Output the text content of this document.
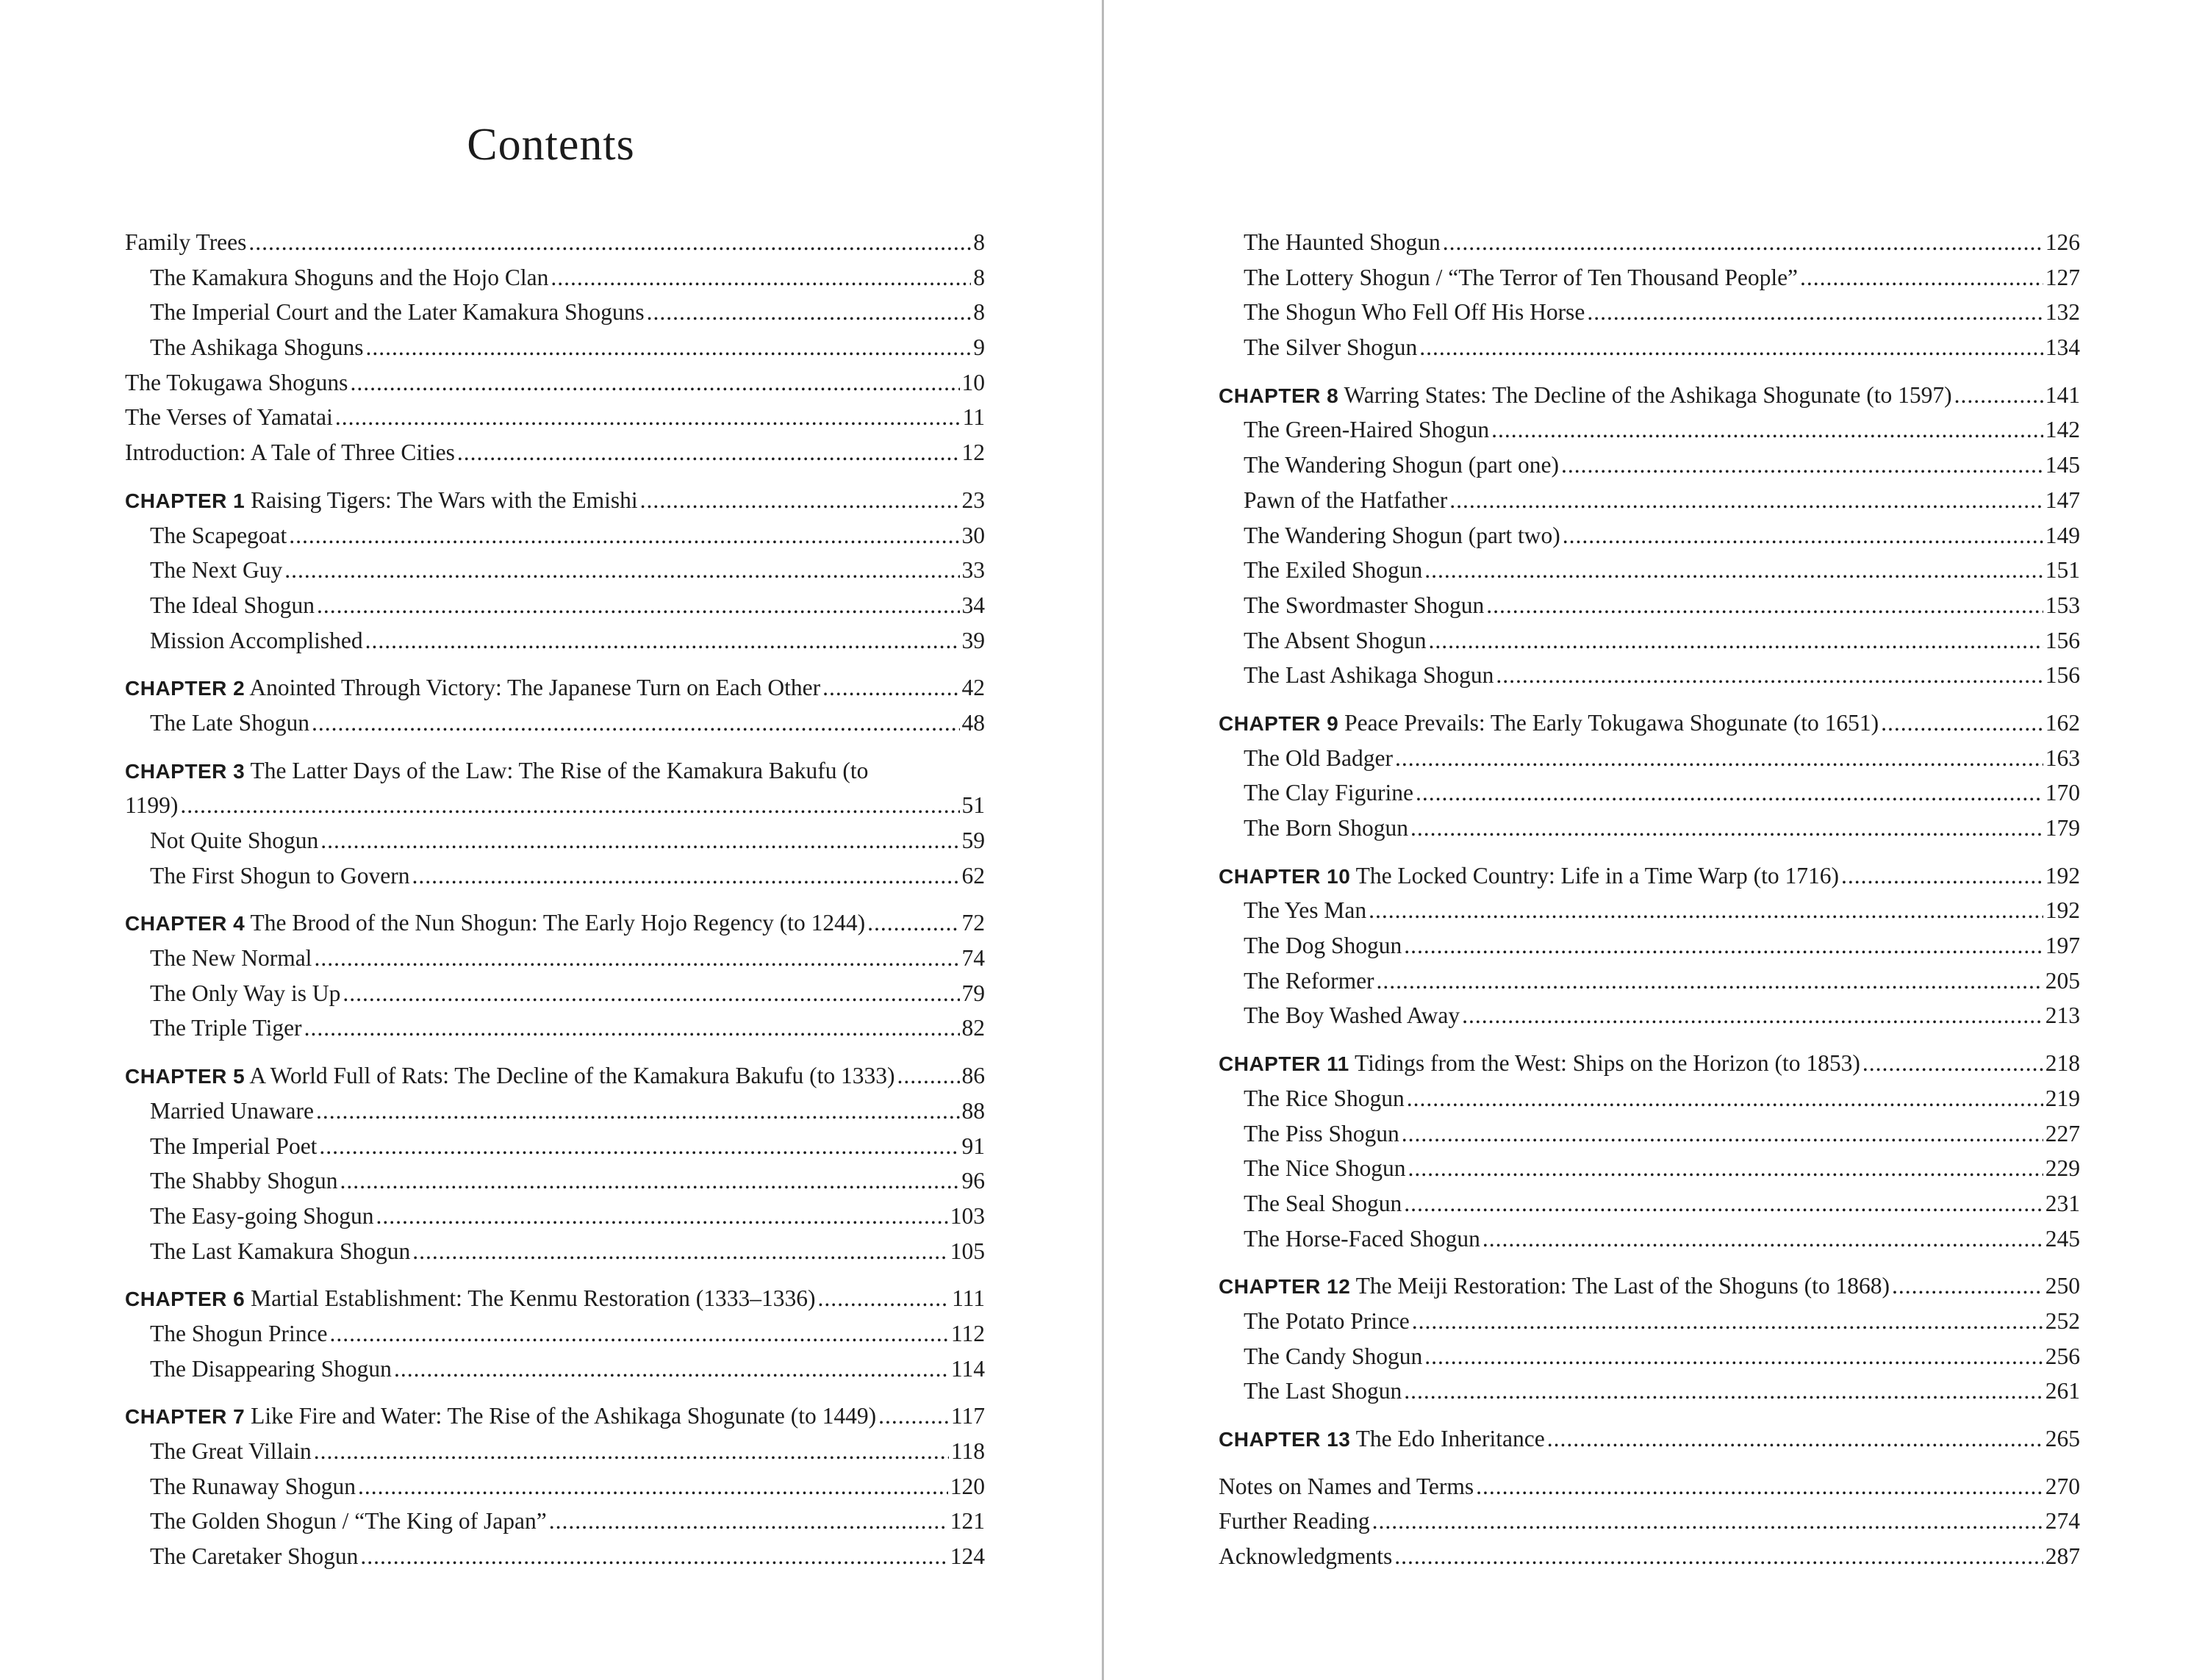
Contents
Family Trees .....	8
The Kamakura Shoguns and the Hojo Clan .....	8
The Imperial Court and the Later Kamakura Shoguns .....	8
The Ashikaga Shoguns .....	9
The Tokugawa Shoguns .....	10
The Verses of Yamatai .....	11
Introduction: A Tale of Three Cities .....	12
CHAPTER 1 Raising Tigers: The Wars with the Emishi .....	23
The Scapegoat .....	30
The Next Guy .....	33
The Ideal Shogun .....	34
Mission Accomplished .....	39
CHAPTER 2 Anointed Through Victory: The Japanese Turn on Each Other .....	42
The Late Shogun .....	48
CHAPTER 3 The Latter Days of the Law: The Rise of the Kamakura Bakufu (to
1199) .....	51
Not Quite Shogun .....	59
The First Shogun to Govern .....	62
CHAPTER 4 The Brood of the Nun Shogun: The Early Hojo Regency (to 1244) .....	72
The New Normal .....	74
The Only Way is Up .....	79
The Triple Tiger .....	82
CHAPTER 5 A World Full of Rats: The Decline of the Kamakura Bakufu (to 1333) .....	86
Married Unaware .....	88
The Imperial Poet .....	91
The Shabby Shogun .....	96
The Easy-going Shogun .....	103
The Last Kamakura Shogun .....	105
CHAPTER 6 Martial Establishment: The Kenmu Restoration (1333–1336) .....	111
The Shogun Prince .....	112
The Disappearing Shogun .....	114
CHAPTER 7 Like Fire and Water: The Rise of the Ashikaga Shogunate (to 1449) .....	117
The Great Villain .....	118
The Runaway Shogun .....	120
The Golden Shogun / “The King of Japan” .....	121
The Caretaker Shogun .....	124
The Haunted Shogun .....	126
The Lottery Shogun / “The Terror of Ten Thousand People” .....	127
The Shogun Who Fell Off His Horse .....	132
The Silver Shogun .....	134
CHAPTER 8 Warring States: The Decline of the Ashikaga Shogunate (to 1597) .....	141
The Green-Haired Shogun .....	142
The Wandering Shogun (part one) .....	145
Pawn of the Hatfather .....	147
The Wandering Shogun (part two) .....	149
The Exiled Shogun .....	151
The Swordmaster Shogun .....	153
The Absent Shogun .....	156
The Last Ashikaga Shogun .....	156
CHAPTER 9 Peace Prevails: The Early Tokugawa Shogunate (to 1651) .....	162
The Old Badger .....	163
The Clay Figurine .....	170
The Born Shogun .....	179
CHAPTER 10 The Locked Country: Life in a Time Warp (to 1716) .....	192
The Yes Man .....	192
The Dog Shogun .....	197
The Reformer .....	205
The Boy Washed Away .....	213
CHAPTER 11 Tidings from the West: Ships on the Horizon (to 1853) .....	218
The Rice Shogun .....	219
The Piss Shogun .....	227
The Nice Shogun .....	229
The Seal Shogun .....	231
The Horse-Faced Shogun .....	245
CHAPTER 12 The Meiji Restoration: The Last of the Shoguns (to 1868) .....	250
The Potato Prince .....	252
The Candy Shogun .....	256
The Last Shogun .....	261
CHAPTER 13 The Edo Inheritance .....	265
Notes on Names and Terms .....	270
Further Reading .....	274
Acknowledgments .....	287
